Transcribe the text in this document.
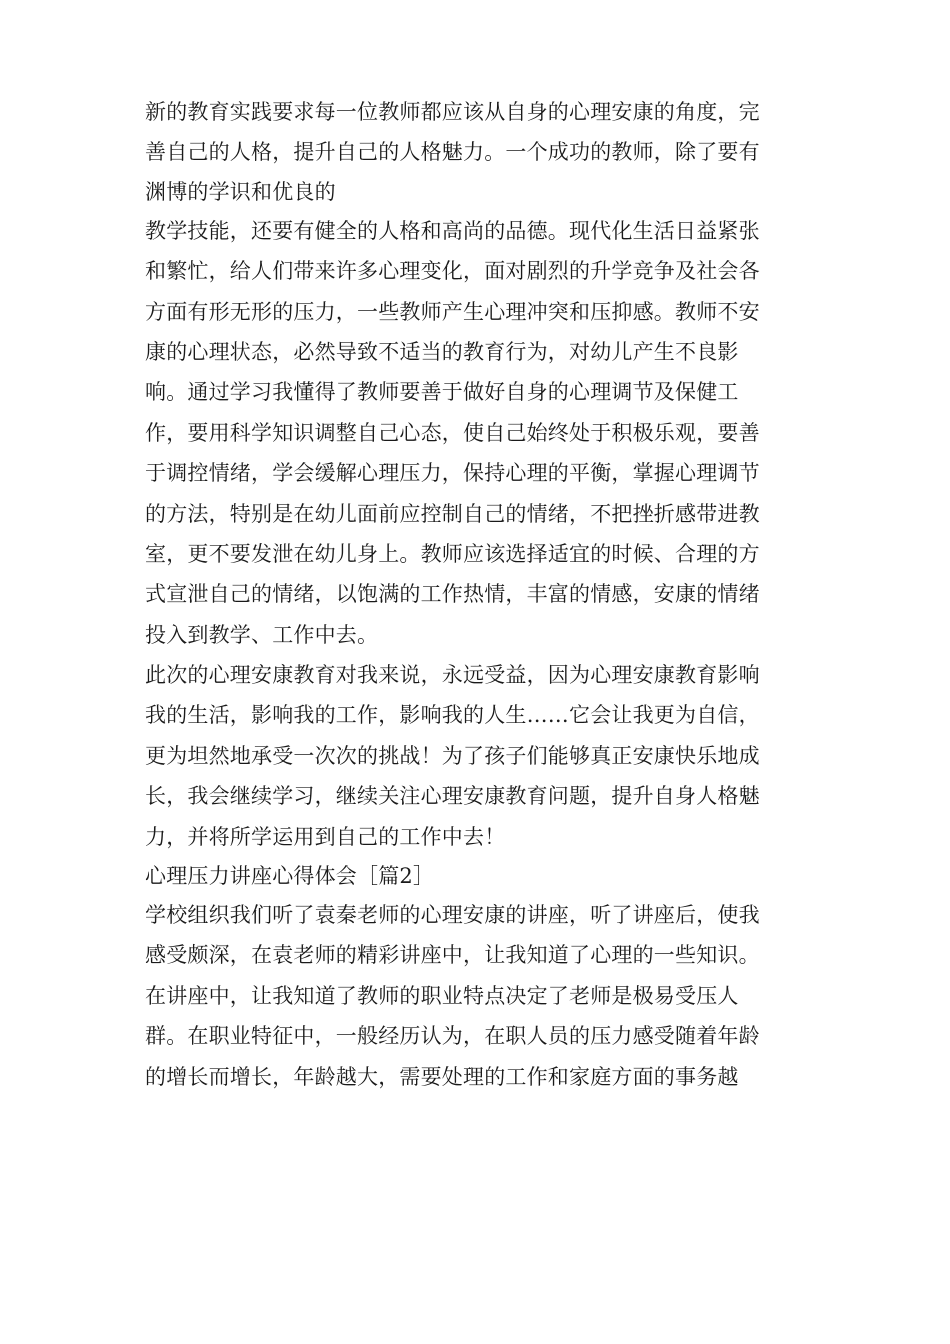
新的教育实践要求每一位教师都应该从自身的心理安康的角度，完
善自己的人格，提升自己的人格魅力。一个成功的教师，除了要有
渊博的学识和优良的
教学技能，还要有健全的人格和高尚的品德。现代化生活日益紧张
和繁忙，给人们带来许多心理变化，面对剧烈的升学竞争及社会各
方面有形无形的压力，一些教师产生心理冲突和压抑感。教师不安
康的心理状态，必然导致不适当的教育行为，对幼儿产生不良影
响。通过学习我懂得了教师要善于做好自身的心理调节及保健工
作，要用科学知识调整自己心态，使自己始终处于积极乐观，要善
于调控情绪，学会缓解心理压力，保持心理的平衡，掌握心理调节
的方法，特别是在幼儿面前应控制自己的情绪，不把挫折感带进教
室，更不要发泄在幼儿身上。教师应该选择适宜的时候、合理的方
式宣泄自己的情绪，以饱满的工作热情，丰富的情感，安康的情绪
投入到教学、工作中去。
此次的心理安康教育对我来说，永远受益，因为心理安康教育影响
我的生活，影响我的工作，影响我的人生……它会让我更为自信，
更为坦然地承受一次次的挑战！为了孩子们能够真正安康快乐地成
长，我会继续学习，继续关注心理安康教育问题，提升自身人格魅
力，并将所学运用到自己的工作中去！
心理压力讲座心得体会［篇2］
学校组织我们听了袁秦老师的心理安康的讲座，听了讲座后，使我
感受颇深，在袁老师的精彩讲座中，让我知道了心理的一些知识。
在讲座中，让我知道了教师的职业特点决定了老师是极易受压人
群。在职业特征中，一般经历认为，在职人员的压力感受随着年龄
的增长而增长，年龄越大，需要处理的工作和家庭方面的事务越
